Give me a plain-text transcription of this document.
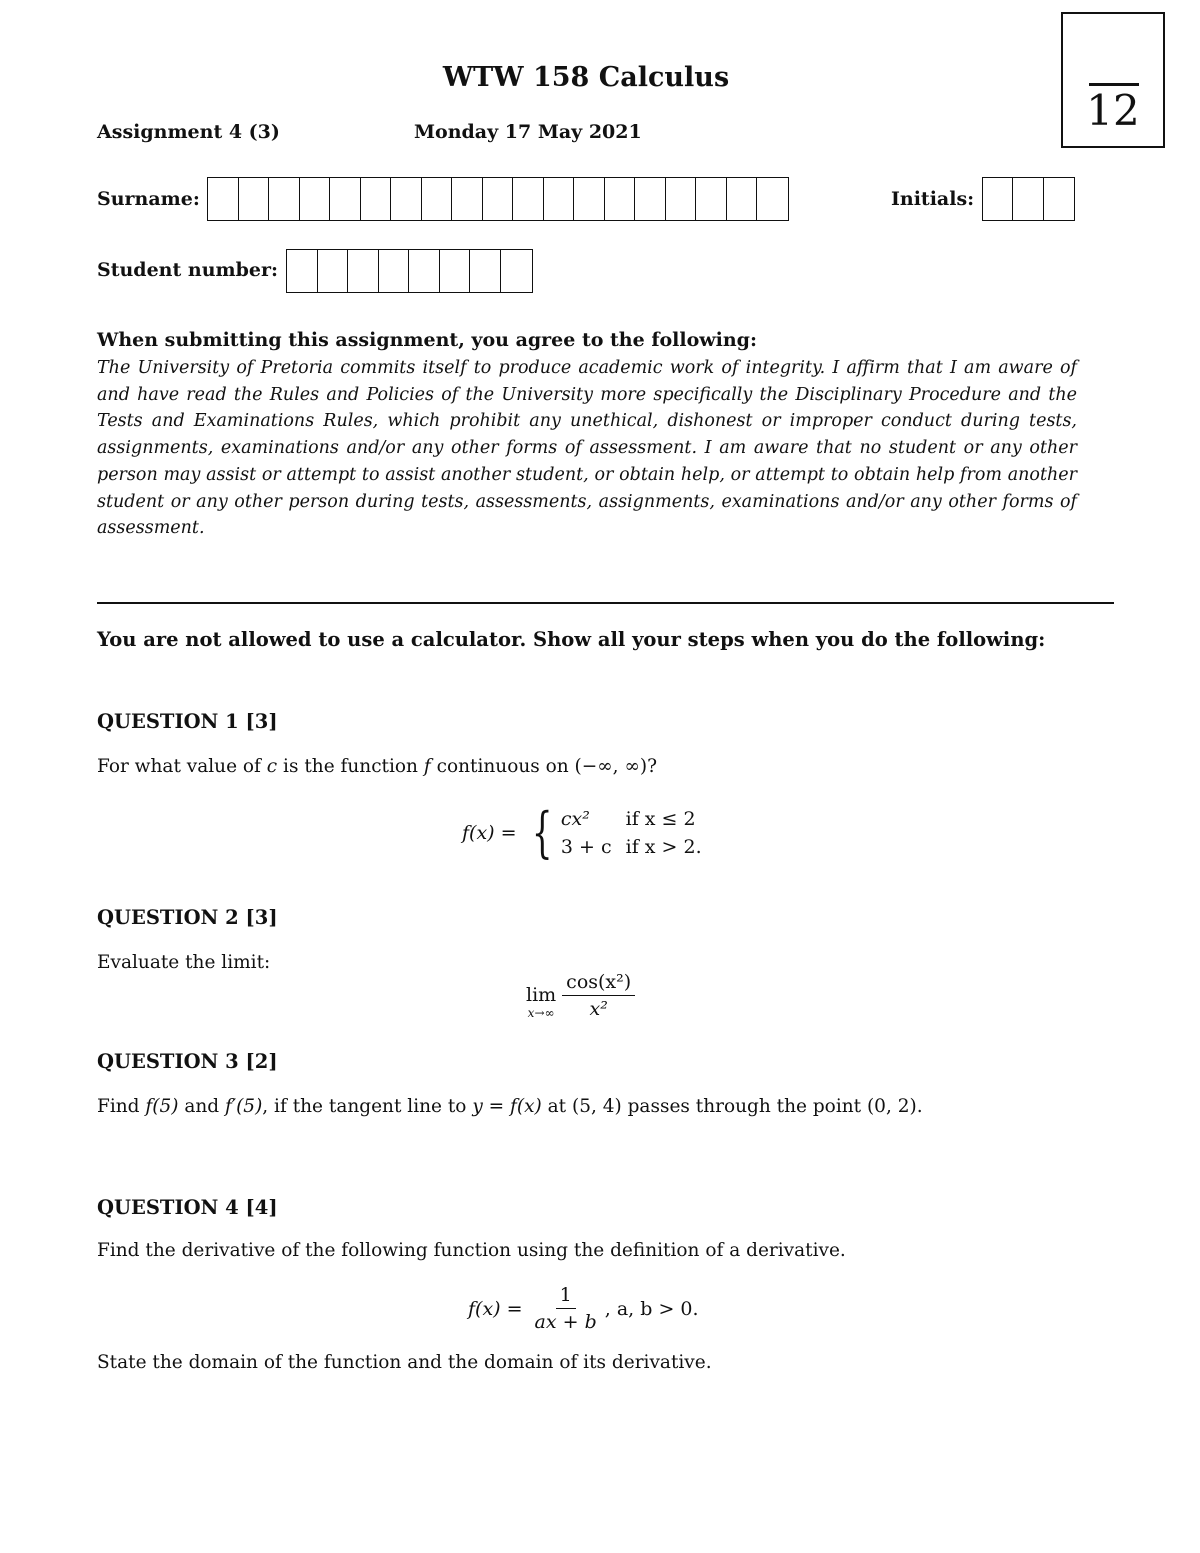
WTW 158 Calculus
12
Assignment 4 (3)	Monday 17 May 2021
Surname:	Initials:
Student number:
When submitting this assignment, you agree to the following:
The University of Pretoria commits itself to produce academic work of integrity. I affirm that I am aware of and have read the Rules and Policies of the University more specifically the Disciplinary Procedure and the Tests and Examinations Rules, which prohibit any unethical, dishonest or improper conduct during tests, assignments, examinations and/or any other forms of assessment. I am aware that no student or any other person may assist or attempt to assist another student, or obtain help, or attempt to obtain help from another student or any other person during tests, assessments, assignments, examinations and/or any other forms of assessment.
You are not allowed to use a calculator. Show all your steps when you do the following:
QUESTION 1 [3]
For what value of c is the function f continuous on (−∞, ∞)?
f(x) = { cx²	if x ≤ 2
3 + c if x > 2.
QUESTION 2 [3]
Evaluate the limit:
lim
$x\to\infty \frac{\text{cos(x²)}}{\text{x²}}$
QUESTION 3 [2]
Find f(5) and f′(5), if the tangent line to y = f(x) at (5, 4) passes through the point (0, 2).
QUESTION 4 [4]
Find the derivative of the following function using the definition of a derivative.
$f(x) = \frac{1}{ax + b}$ , a, b > 0.
State the domain of the function and the domain of its derivative.
